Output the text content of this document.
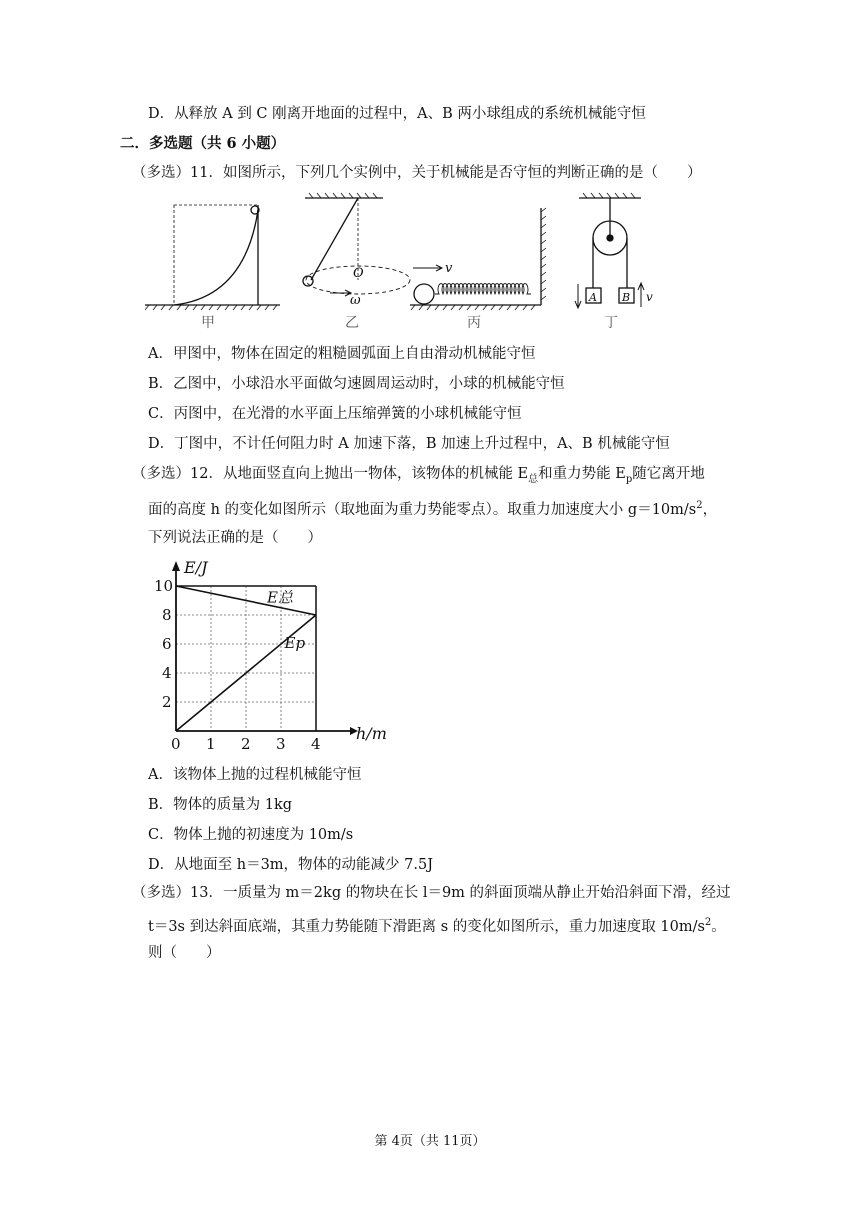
D．从释放 A 到 C 刚离开地面的过程中，A、B 两小球组成的系统机械能守恒
二．多选题（共 6 小题）
（多选）11．如图所示，下列几个实例中，关于机械能是否守恒的判断正确的是（　　）
O
ω
v
v
A B
甲	乙	丙	丁
A．甲图中，物体在固定的粗糙圆弧面上自由滑动机械能守恒
B．乙图中，小球沿水平面做匀速圆周运动时，小球的机械能守恒
C．丙图中，在光滑的水平面上压缩弹簧的小球机械能守恒
D．丁图中，不计任何阻力时 A 加速下落，B 加速上升过程中，A、B 机械能守恒
（多选）12．从地面竖直向上抛出一物体，该物体的机械能 $E_总$和重力势能 $E_p$随它离开地
面的高度 h 的变化如图所示（取地面为重力势能零点）。取重力加速度大小 $g=10m/s^2$，
下列说法正确的是（　　）
0 1 2 3 4
2
4
6
8
10
h/m
E/J
E总
Ep
A．该物体上抛的过程机械能守恒
B．物体的质量为 1kg
C．物体上抛的初速度为 10m/s
D．从地面至 h＝3m，物体的动能减少 7.5J
（多选）13．一质量为 m＝2kg 的物块在长 l＝9m 的斜面顶端从静止开始沿斜面下滑，经过
t＝3s 到达斜面底端，其重力势能随下滑距离 s 的变化如图所示，重力加速度取 $10m/s^2$。
则（　　）
第 4页（共 11页）
